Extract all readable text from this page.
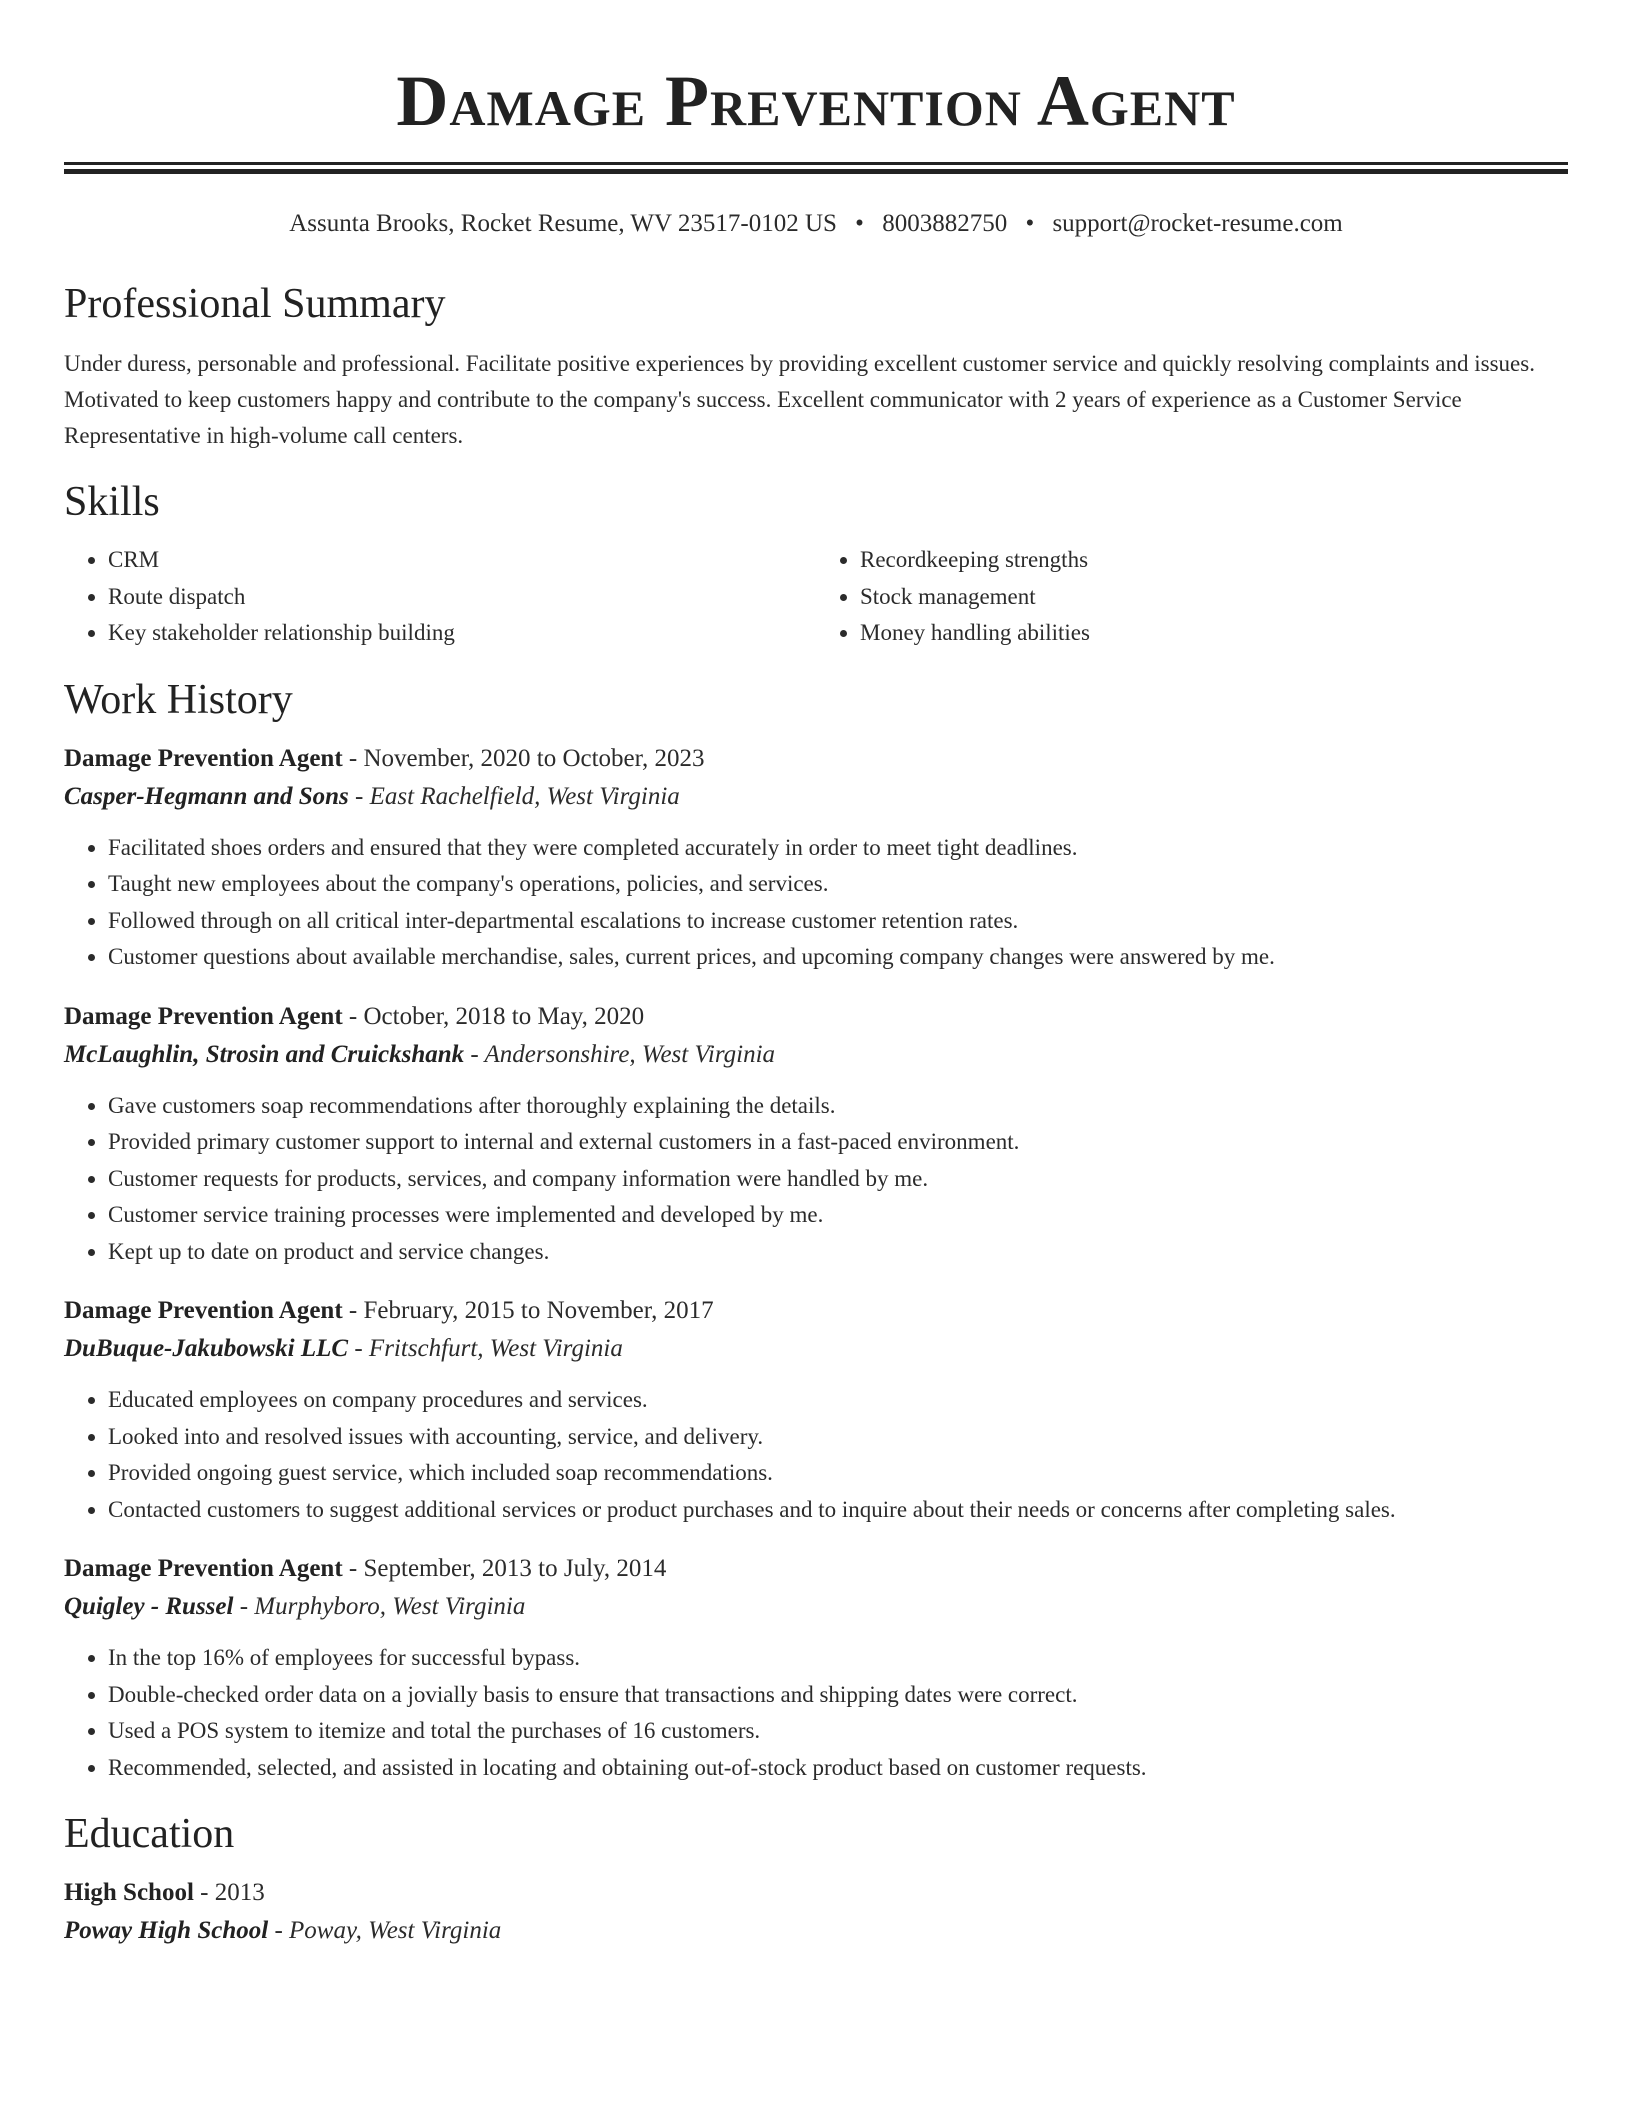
Damage Prevention Agent
Assunta Brooks, Rocket Resume, WV 23517-0102 US • 8003882750 • support@rocket-resume.com
Professional Summary

Under duress, personable and professional. Facilitate positive experiences by providing excellent customer service and quickly resolving complaints and issues. Motivated to keep customers happy and contribute to the company's success. Excellent communicator with 2 years of experience as a Customer Service Representative in high-volume call centers.

Skills
• CRM
• Route dispatch
• Key stakeholder relationship building
• Recordkeeping strengths
• Stock management
• Money handling abilities
Work History
Damage Prevention Agent - November, 2020 to October, 2023
Casper-Hegmann and Sons - East Rachelfield, West Virginia
• Facilitated shoes orders and ensured that they were completed accurately in order to meet tight deadlines.
• Taught new employees about the company's operations, policies, and services.
• Followed through on all critical inter-departmental escalations to increase customer retention rates.
• Customer questions about available merchandise, sales, current prices, and upcoming company changes were answered by me.
Damage Prevention Agent - October, 2018 to May, 2020
McLaughlin, Strosin and Cruickshank - Andersonshire, West Virginia
• Gave customers soap recommendations after thoroughly explaining the details.
• Provided primary customer support to internal and external customers in a fast-paced environment.
• Customer requests for products, services, and company information were handled by me.
• Customer service training processes were implemented and developed by me.
• Kept up to date on product and service changes.
Damage Prevention Agent - February, 2015 to November, 2017
DuBuque-Jakubowski LLC - Fritschfurt, West Virginia
• Educated employees on company procedures and services.
• Looked into and resolved issues with accounting, service, and delivery.
• Provided ongoing guest service, which included soap recommendations.
• Contacted customers to suggest additional services or product purchases and to inquire about their needs or concerns after completing sales.
Damage Prevention Agent - September, 2013 to July, 2014
Quigley - Russel - Murphyboro, West Virginia
• In the top 16% of employees for successful bypass.
• Double-checked order data on a jovially basis to ensure that transactions and shipping dates were correct.
• Used a POS system to itemize and total the purchases of 16 customers.
• Recommended, selected, and assisted in locating and obtaining out-of-stock product based on customer requests.
Education
High School - 2013
Poway High School - Poway, West Virginia
